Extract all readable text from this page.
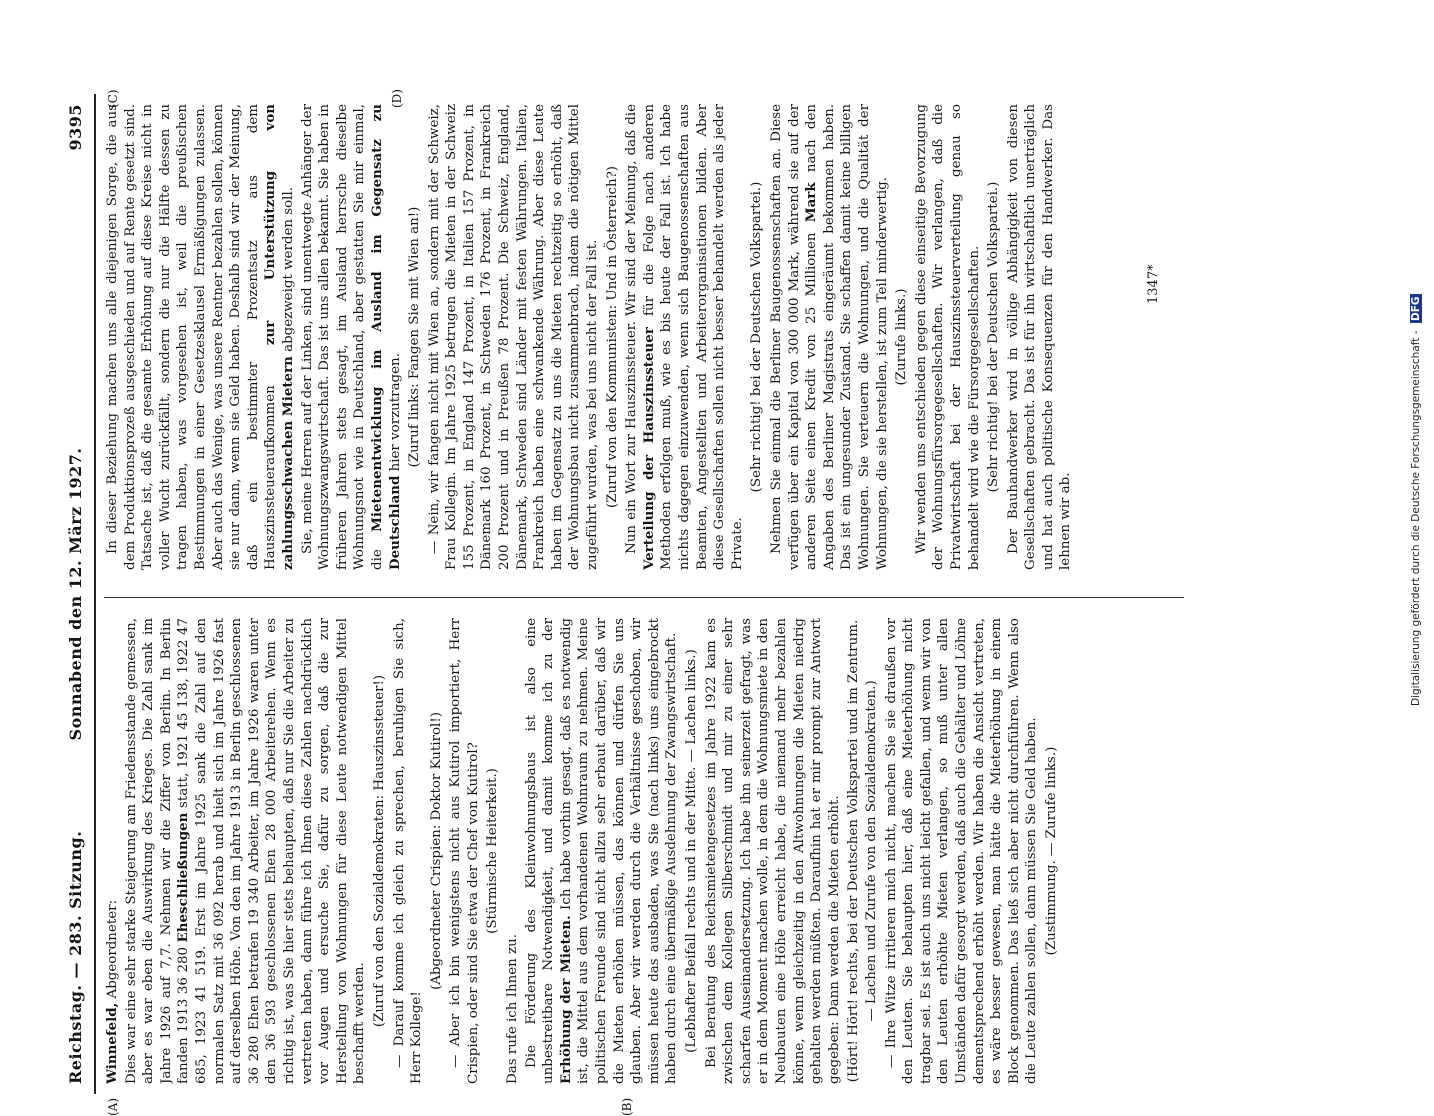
Reichstag. — 283. Sitzung.
Sonnabend den 12. März 1927.
9395
(A)	(B)
(C)	(D)

Winnefeld, Abgeordneter: Dies war eine sehr starke Steigerung am Friedensstande gemessen, aber es war eben die Auswirkung des Krieges. Die Zahl sank im Jahre 1926 auf 7,7. Nehmen wir die Ziffer von Berlin. In Berlin fanden 1913 36 280 Eheschließungen statt, 1921 45 138, 1922 47 685, 1923 41 519. Erst im Jahre 1925 sank die Zahl auf den normalen Satz mit 36 092 herab und hielt sich im Jahre 1926 fast auf derselben Höhe. Von den im Jahre 1913 in Berlin geschlossenen 36 280 Ehen betrafen 19 340 Arbeiter, im Jahre 1926 waren unter den 36 593 geschlossenen Ehen 28 000 Arbeiterehen. Wenn es richtig ist, was Sie hier stets behaupten, daß nur Sie die Arbeiter zu vertreten haben, dann führe ich Ihnen diese Zahlen nachdrücklich vor Augen und ersuche Sie, dafür zu sorgen, daß die zur Herstellung von Wohnungen für diese Leute notwendigen Mittel beschafft werden. (Zuruf von den Sozialdemokraten: Hauszinssteuer!) — Darauf komme ich gleich zu sprechen, beruhigen Sie sich, Herr Kollege!

(Abgeordneter Crispien: Doktor Kutirol!) — Aber ich bin wenigstens nicht aus Kutirol importiert, Herr Crispien, oder sind Sie etwa der Chef von Kutirol? (Stürmische Heiterkeit.)

Das rufe ich Ihnen zu. Die Förderung des Kleinwohnungsbaus ist also eine unbestreitbare Notwendigkeit, und damit komme ich zu der Erhöhung der Mieten. Ich habe vorhin gesagt, daß es notwendig ist, die Mittel aus dem vorhandenen Wohnraum zu nehmen. Meine politischen Freunde sind nicht allzu sehr erbaut darüber, daß wir die Mieten erhöhen müssen, das können und dürfen Sie uns glauben. Aber wir werden durch die Verhältnisse geschoben, wir müssen heute das ausbaden, was Sie (nach links) uns eingebrockt haben durch eine übermäßige Ausdehnung der Zwangswirtschaft. (Lebhafter Beifall rechts und in der Mitte. — Lachen links.) Bei Beratung des Reichsmietengesetzes im Jahre 1922 kam es zwischen dem Kollegen Silberschmidt und mir zu einer sehr scharfen Auseinandersetzung. Ich habe ihn seinerzeit gefragt, was er in dem Moment machen wolle, in dem die Wohnungsmiete in den Neubauten eine Höhe erreicht habe, die niemand mehr bezahlen könne, wenn gleichzeitig in den Altwohnungen die Mieten niedrig gehalten werden müßten. Daraufhin hat er mir prompt zur Antwort gegeben: Dann werden die Mieten erhöht. (Hört! Hört! rechts, bei der Deutschen Volkspartei und im Zentrum. — Lachen und Zurufe von den Sozialdemokraten.) — Ihre Witze irritieren mich nicht, machen Sie sie draußen vor den Leuten. Sie behaupten hier, daß eine Mieterhöhung nicht tragbar sei. Es ist auch uns nicht leicht gefallen, und wenn wir von den Leuten erhöhte Mieten verlangen, so muß unter allen Umständen dafür gesorgt werden, daß auch die Gehälter und Löhne dementsprechend erhöht werden. Wir haben die Ansicht vertreten, es wäre besser gewesen, man hätte die Mieterhöhung in einem Block genommen. Das ließ sich aber nicht durchführen. Wenn also die Leute zahlen sollen, dann müssen Sie Geld haben. (Zustimmung. — Zurufe links.)

In dieser Beziehung machen uns alle diejenigen Sorge, die aus dem Produktionsprozeß ausgeschieden und auf Rente gesetzt sind. Tatsache ist, daß die gesamte Erhöhung auf diese Kreise nicht in voller Wucht zurückfällt, sondern die nur die Hälfte dessen zu tragen haben, was vorgesehen ist, weil die preußischen Bestimmungen in einer Gesetzesklausel Ermäßigungen zulassen. Aber auch das Wenige, was unsere Rentner bezahlen sollen, können sie nur dann, wenn sie Geld haben. Deshalb sind wir der Meinung, daß ein bestimmter Prozentsatz aus dem Hauszinssteueraufkommen zur Unterstützung von zahlungsschwachen Mietern abgezweigt werden soll. Sie, meine Herren auf der Linken, sind unentwegte Anhänger der Wohnungszwangswirtschaft. Das ist uns allen bekannt. Sie haben in früheren Jahren stets gesagt, im Ausland herrsche dieselbe Wohnungsnot wie in Deutschland, aber gestatten Sie mir einmal, die Mietenentwicklung im Ausland im Gegensatz zu Deutschland hier vorzutragen. (Zuruf links: Fangen Sie mit Wien an!) — Nein, wir fangen nicht mit Wien an, sondern mit der Schweiz, Frau Kollegin. Im Jahre 1925 betrugen die Mieten in der Schweiz 155 Prozent, in England 147 Prozent, in Italien 157 Prozent, in Dänemark 160 Prozent, in Schweden 176 Prozent, in Frankreich 200 Prozent und in Preußen 78 Prozent. Die Schweiz, England, Dänemark, Schweden sind Länder mit festen Währungen. Italien, Frankreich haben eine schwankende Währung. Aber diese Leute haben im Gegensatz zu uns die Mieten rechtzeitig so erhöht, daß der Wohnungsbau nicht zusammenbrach, indem die nötigen Mittel zugeführt wurden, was bei uns nicht der Fall ist. (Zuruf von den Kommunisten: Und in Österreich?) Nun ein Wort zur Hauszinssteuer. Wir sind der Meinung, daß die Verteilung der Hauszinssteuer für die Folge nach anderen Methoden erfolgen muß, wie es bis heute der Fall ist. Ich habe nichts dagegen einzuwenden, wenn sich Baugenossenschaften aus Beamten, Angestellten und Arbeiterorganisationen bilden. Aber diese Gesellschaften sollen nicht besser behandelt werden als jeder Private.

(Sehr richtig! bei der Deutschen Volkspartei.) Nehmen Sie einmal die Berliner Baugenossenschaften an. Diese verfügen über ein Kapital von 300 000 Mark, während sie auf der anderen Seite einen Kredit von 25 Millionen Mark nach den Angaben des Berliner Magistrats eingeräumt bekommen haben. Das ist ein ungesunder Zustand. Sie schaffen damit keine billigen Wohnungen. Sie verteuern die Wohnungen, und die Qualität der Wohnungen, die sie herstellen, ist zum Teil minderwertig. (Zurufe links.) Wir wenden uns entschieden gegen diese einseitige Bevorzugung der Wohnungsfürsorgegesellschaften. Wir verlangen, daß die Privatwirtschaft bei der Hauszinssteuerverteilung genau so behandelt wird wie die Fürsorgegesellschaften. (Sehr richtig! bei der Deutschen Volkspartei.) Der Bauhandwerker wird in völlige Abhängigkeit von diesen Gesellschaften gebracht. Das ist für ihn wirtschaftlich unerträglich und hat auch politische Konsequenzen für den Handwerker. Das lehnen wir ab.

1347*
Digitalisierung gefördert durch die Deutsche Forschungsgemeinschaft - DFG
